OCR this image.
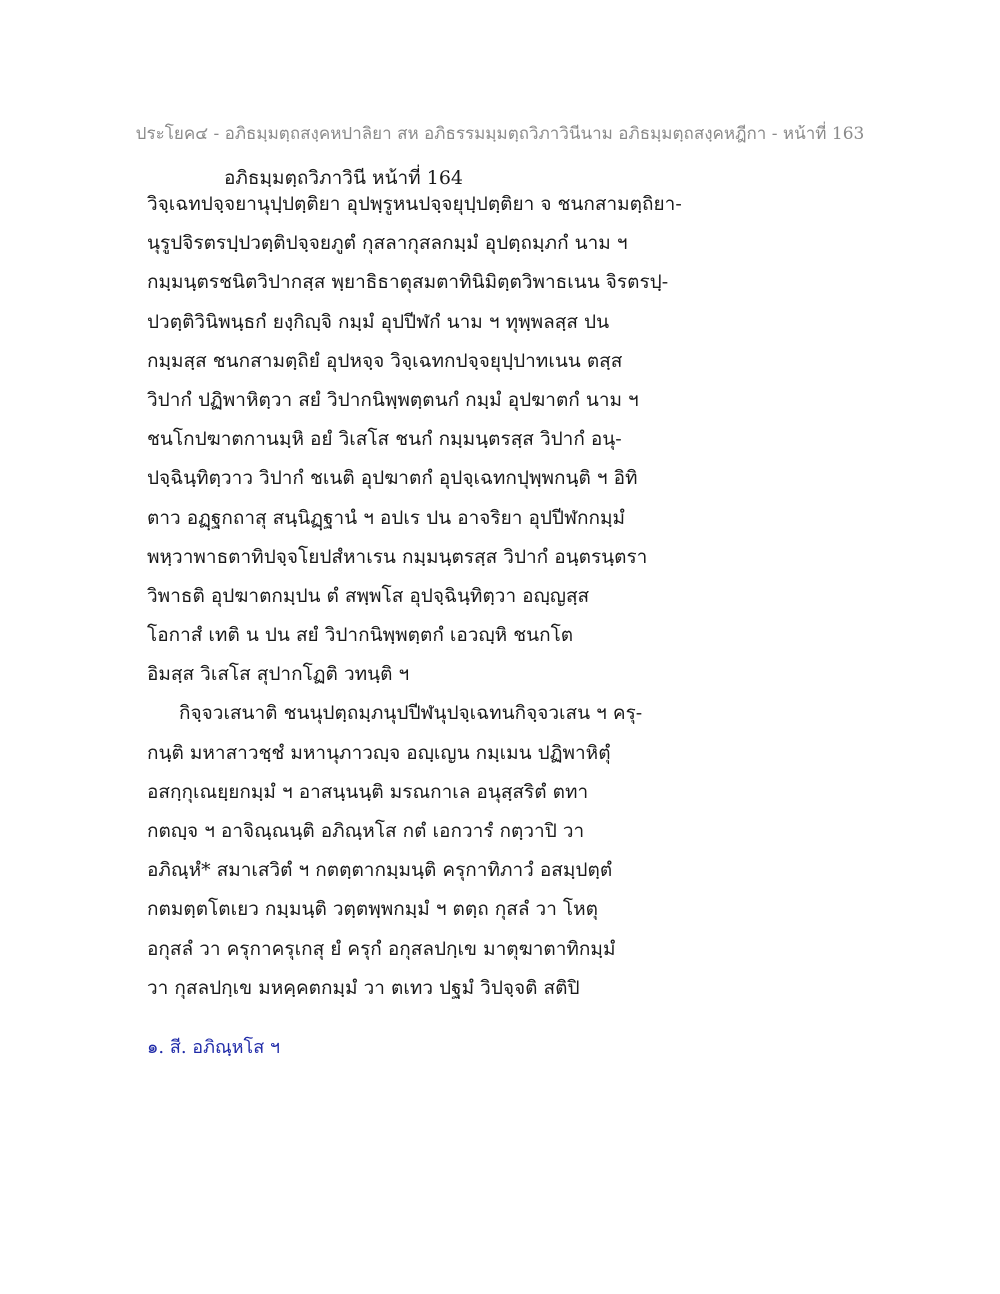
ประโยค๔ - อภิธมฺมตฺถสงฺคหปาลิยา สห อภิธรรมมฺมตฺถวิภาวินีนาม อภิธมฺมตฺถสงฺคหฎีกา - หน้าที่ 163
อภิธมฺมตฺถวิภาวินี หน้าที่ 164
วิจฺเฉทปจฺจยานุปฺปตฺติยา อุปพฺรูหนปจฺจยุปฺปตฺติยา จ ชนกสามตฺถิยา-
นุรูปจิรตรปฺปวตฺติปจฺจยภูตํ กุสลากุสลกมฺมํ อุปตฺถมฺภกํ นาม ฯ
กมฺมนฺตรชนิตวิปากสฺส พฺยาธิธาตุสมตาทินิมิตฺตวิพาธเนน จิรตรปฺ-
ปวตฺติวินิพนฺธกํ ยงฺกิญฺจิ กมฺมํ อุปปีฬกํ นาม ฯ ทุพฺพลสฺส ปน
กมฺมสฺส ชนกสามตฺถิยํ อุปหจฺจ วิจฺเฉทกปจฺจยุปฺปาทเนน ตสฺส
วิปากํ ปฏิพาหิตฺวา สยํ วิปากนิพฺพตฺตนกํ กมฺมํ อุปฆาตกํ นาม ฯ
ชนโกปฆาตกานมฺหิ อยํ วิเสโส ชนกํ กมฺมนฺตรสฺส วิปากํ อนุ-
ปจฺฉินฺทิตฺวาว วิปากํ ชเนติ อุปฆาตกํ อุปจฺเฉทกปุพฺพกนฺติ ฯ อิทิ
ตาว อฏฺฐกถาสุ สนฺนิฏฺฐานํ ฯ อปเร ปน อาจริยา อุปปีฬกกมฺมํ
พหฺวาพาธตาทิปจฺจโยปสํหาเรน กมฺมนฺตรสฺส วิปากํ อนฺตรนฺตรา
วิพาธติ อุปฆาตกมฺปน ตํ สพฺพโส อุปจฺฉินฺทิตฺวา อญฺญสฺส
โอกาสํ เทติ น ปน สยํ วิปากนิพฺพตฺตกํ เอวญฺหิ ชนกโต
อิมสฺส วิเสโส สุปากโฏติ วทนฺติ ฯ
กิจฺจวเสนาติ ชนนุปตฺถมฺภนุปปีฬนุปจฺเฉทนกิจฺจวเสน ฯ ครุ-
กนฺติ มหาสาวชฺชํ มหานุภาวญฺจ อญฺเญน กมฺเมน ปฏิพาหิตุํ
อสกฺกุเณยฺยกมฺมํ ฯ อาสนฺนนฺติ มรณกาเล อนุสฺสริตํ ตทา
กตญฺจ ฯ อาจิณฺณนฺติ อภิณฺหโส กตํ เอกวารํ กตฺวาปิ วา
อภิณฺหํ* สมาเสวิตํ ฯ กตตฺตากมฺมนฺติ ครุกาทิภาวํ อสมฺปตฺตํ
กตมตฺตโตเยว กมฺมนฺติ วตฺตพฺพกมฺมํ ฯ ตตฺถ กุสลํ วา โหตุ
อกุสลํ วา ครุกาครุเกสุ ยํ ครุกํ อกุสลปกฺเข มาตุฆาตาทิกมฺมํ
วา กุสลปกฺเข มหคฺคตกมฺมํ วา ตเทว ปฐมํ วิปจฺจติ สติปิ
๑. สี. อภิณฺหโส ฯ
